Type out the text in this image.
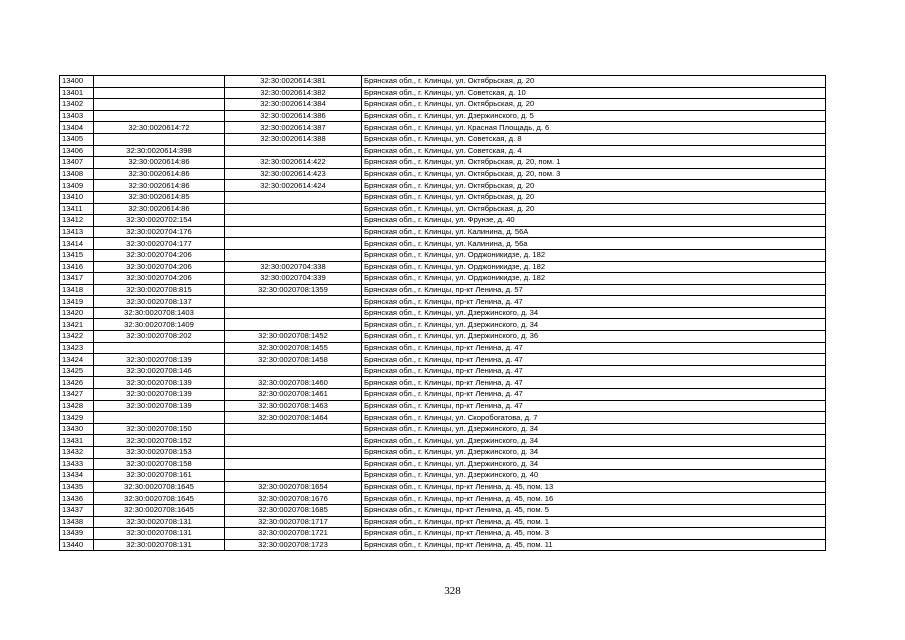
13400		32:30:0020614:381	Брянская обл., г. Клинцы, ул. Октябрьская, д. 20
13401		32:30:0020614:382	Брянская обл., г. Клинцы, ул. Советская, д. 10
13402		32:30:0020614:384	Брянская обл., г. Клинцы, ул. Октябрьская, д. 20
13403		32:30:0020614:386	Брянская обл., г. Клинцы, ул. Дзержинского, д. 5
13404	32:30:0020614:72	32:30:0020614:387	Брянская обл., г. Клинцы, ул. Красная Площадь, д. 6
13405		32:30:0020614:388	Брянская обл., г. Клинцы, ул. Советская, д. 8
13406	32:30:0020614:398		Брянская обл., г. Клинцы, ул. Советская, д. 4
13407	32:30:0020614:86	32:30:0020614:422	Брянская обл., г. Клинцы, ул. Октябрьская, д. 20, пом. 1
13408	32:30:0020614:86	32:30:0020614:423	Брянская обл., г. Клинцы, ул. Октябрьская, д. 20, пом. 3
13409	32:30:0020614:86	32:30:0020614:424	Брянская обл., г. Клинцы, ул. Октябрьская, д. 20
13410	32:30:0020614:85		Брянская обл., г. Клинцы, ул. Октябрьская, д. 20
13411	32:30:0020614:86		Брянская обл., г. Клинцы, ул. Октябрьская, д. 20
13412	32:30:0020702:154		Брянская обл., г. Клинцы, ул. Фрунзе, д. 40
13413	32:30:0020704:176		Брянская обл., г. Клинцы, ул. Калинина, д. 56А
13414	32:30:0020704:177		Брянская обл., г. Клинцы, ул. Калинина, д. 56а
13415	32:30:0020704:206		Брянская обл., г. Клинцы, ул. Орджоникидзе, д. 182
13416	32:30:0020704:206	32:30:0020704:338	Брянская обл., г. Клинцы, ул. Орджоникидзе, д. 182
13417	32:30:0020704:206	32:30:0020704:339	Брянская обл., г. Клинцы, ул. Орджоникидзе, д. 182
13418	32:30:0020708:815	32:30:0020708:1359	Брянская обл., г. Клинцы, пр-кт Ленина, д. 57
13419	32:30:0020708:137		Брянская обл., г. Клинцы, пр-кт Ленина, д. 47
13420	32:30:0020708:1403		Брянская обл., г. Клинцы, ул. Дзержинского, д. 34
13421	32:30:0020708:1409		Брянская обл., г. Клинцы, ул. Дзержинского, д. 34
13422	32:30:0020708:202	32:30:0020708:1452	Брянская обл., г. Клинцы, ул. Дзержинского, д. 36
13423		32:30:0020708:1455	Брянская обл., г. Клинцы, пр-кт Ленина, д. 47
13424	32:30:0020708:139	32:30:0020708:1458	Брянская обл., г. Клинцы, пр-кт Ленина, д. 47
13425	32:30:0020708:146		Брянская обл., г. Клинцы, пр-кт Ленина, д. 47
13426	32:30:0020708:139	32:30:0020708:1460	Брянская обл., г. Клинцы, пр-кт Ленина, д. 47
13427	32:30:0020708:139	32:30:0020708:1461	Брянская обл., г. Клинцы, пр-кт Ленина, д. 47
13428	32:30:0020708:139	32:30:0020708:1463	Брянская обл., г. Клинцы, пр-кт Ленина, д. 47
13429		32:30:0020708:1464	Брянская обл., г. Клинцы, ул. Скоробогатова, д. 7
13430	32:30:0020708:150		Брянская обл., г. Клинцы, ул. Дзержинского, д. 34
13431	32:30:0020708:152		Брянская обл., г. Клинцы, ул. Дзержинского, д. 34
13432	32:30:0020708:153		Брянская обл., г. Клинцы, ул. Дзержинского, д. 34
13433	32:30:0020708:158		Брянская обл., г. Клинцы, ул. Дзержинского, д. 34
13434	32:30:0020708:161		Брянская обл., г. Клинцы, ул. Дзержинского, д. 40
13435	32:30:0020708:1645	32:30:0020708:1654	Брянская обл., г. Клинцы, пр-кт Ленина, д. 45, пом. 13
13436	32:30:0020708:1645	32:30:0020708:1676	Брянская обл., г. Клинцы, пр-кт Ленина, д. 45, пом. 16
13437	32:30:0020708:1645	32:30:0020708:1685	Брянская обл., г. Клинцы, пр-кт Ленина, д. 45, пом. 5
13438	32:30:0020708:131	32:30:0020708:1717	Брянская обл., г. Клинцы, пр-кт Ленина, д. 45, пом. 1
13439	32:30:0020708:131	32:30:0020708:1721	Брянская обл., г. Клинцы, пр-кт Ленина, д. 45, пом. 3
13440	32:30:0020708:131	32:30:0020708:1723	Брянская обл., г. Клинцы, пр-кт Ленина, д. 45, пом. 11
328
